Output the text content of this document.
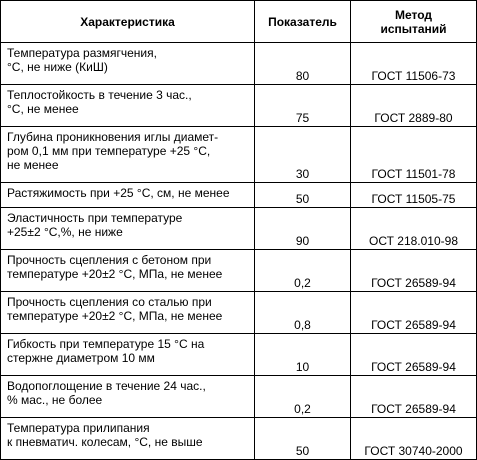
Характеристика	Показатель	Метод
испытаний

Температура размягчения,
°С, не ниже (КиШ)	80	ГОСТ 11506-73

Теплостойкость в течение 3 час.,
°С, не менее	75	ГОСТ 2889-80

Глубина проникновения иглы диамет-
ром 0,1 мм при температуре +25 °С,
не менее	30	ГОСТ 11501-78

Растяжимость при +25 °С, см, не менее	50	ГОСТ 11505-75

Эластичность при температуре
+25±2 °С,%, не ниже	90	ОСТ 218.010-98

Прочность сцепления с бетоном при
температуре +20±2 °С, МПа, не менее	0,2	ГОСТ 26589-94

Прочность сцепления со сталью при
температуре +20±2 °С, МПа, не менее	0,8	ГОСТ 26589-94

Гибкость при температуре 15 °С на
стержне диаметром 10 мм	10	ГОСТ 26589-94

Водопоглощение в течение 24 час.,
% мас., не более	0,2	ГОСТ 26589-94

Температура прилипания
к пневматич. колесам, °С, не выше	50	ГОСТ 30740-2000
